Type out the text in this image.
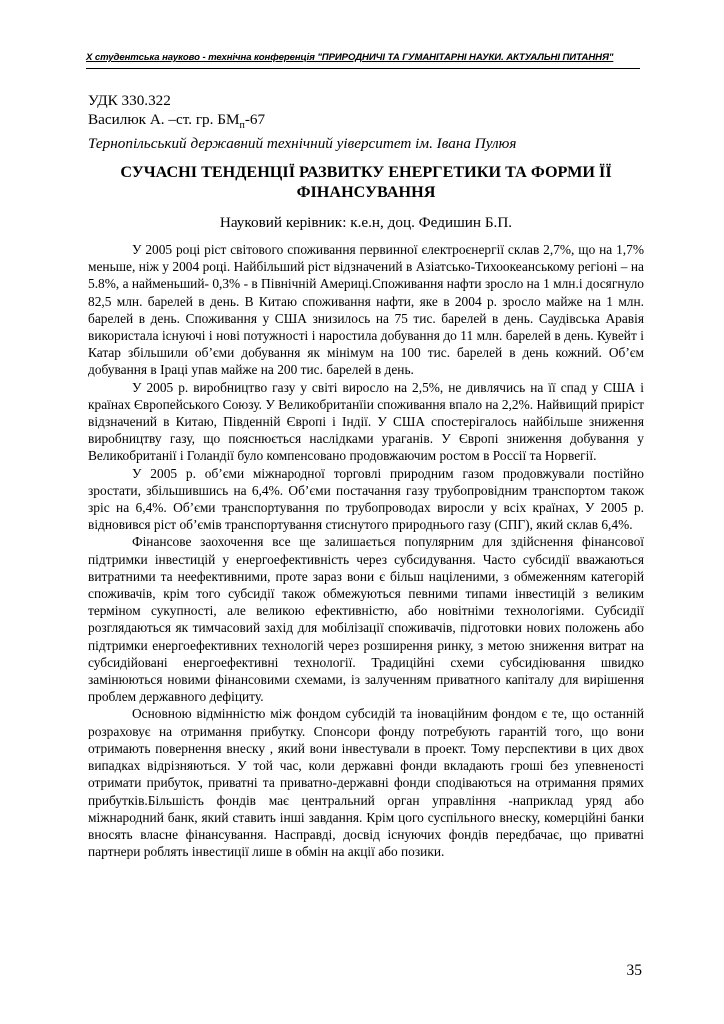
Х студентська науково - технічна конференція "ПРИРОДНИЧІ ТА ГУМАНІТАРНІ НАУКИ. АКТУАЛЬНІ ПИТАННЯ"
УДК 330.322
Василюк А. –ст. гр. $БМ_п-67$
Тернопільський державний технічний уіверситет ім. Івана Пулюя
СУЧАСНІ ТЕНДЕНЦІЇ РАЗВИТКУ ЕНЕРГЕТИКИ ТА ФОРМИ ЇЇ ФІНАНСУВАННЯ
Науковий керівник: к.е.н, доц. Федишин Б.П.

У 2005 році ріст світового споживання первинної єлектроєнергії склав 2,7%, що на 1,7% меньше, ніж у 2004 році. Найбільший ріст відзначений в Азіатсько-Тихоокеанському регіоні – на 5.8%, а найменьший- 0,3% - в Північній Америці.Споживання нафти зросло на 1 млн.і досягнуло 82,5 млн. барелей в день. В Китаю споживання нафти, яке в 2004 р. зросло майже на 1 млн. барелей в день. Споживання у США знизилось на 75 тис. барелей в день. Саудівська Аравія використала існуючі і нові потужності і наростила добування до 11 млн. барелей в день. Кувейт і Катар збільшили об’єми добування як мінімум на 100 тис. барелей в день кожний. Об’єм добування в Іраці упав майже на 200 тис. барелей в день.

У 2005 р. виробництво газу у світі виросло на 2,5%, не дивлячись на її спад у США і країнах Європейського Союзу. У Великобританїіи споживання впало на 2,2%. Найвищий приріст відзначений в Китаю, Південній Європі і Індії. У США спостерігалось найбільше зниження виробництву газу, що пояснюється наслідками ураганів. У Європі зниження добування у Великобританії і Голандії було компенсовано продовжаючим ростом в Россії та Норвегії.

У 2005 р. об’єми міжнародної торговлі природним газом продовжували постійно зростати, збільшившись на 6,4%. Об’єми постачання газу трубопровідним транспортом також зріс на 6,4%. Об’єми транспортування по трубопроводах виросли у всіх країнах, У 2005 р. відновився ріст об’ємів транспортування стиснутого природнього газу (СПГ), який склав 6,4%.

Фінансове заохочення все ще залишається популярним для здійснення фінансової підтримки інвестицій у енергоефективність через субсидування. Часто субсидії вважаються витратними та неефективними, проте зараз вони є більш націленими, з обмеженням категорій споживачів, крім того субсидії також обмежуються певними типами інвестицій з великим терміном сукупності, але великою ефективністю, або новітніми технологіями. Субсидії розглядаються як тимчасовий захід для мобілізації споживачів, підготовки нових положень або підтримки енергоефективних технологій через розширення ринку, з метою зниження витрат на субсидійовані енергоефективні технології. Традиційні схеми субсидіювання швидко замінюються новими фінансовими схемами, із залученням приватного капіталу для вирішення проблем державного дефіциту.

Основною відмінністю між фондом субсидій та іноваційним фондом є те, що останній розраховує на отримання прибутку. Спонсори фонду потребують гарантій того, що вони отримають повернення внеску , який вони інвестували в проект. Тому перспективи в цих двох випадках відрізняються. У той час, коли державні фонди вкладають гроші без упевненості отримати прибуток, приватні та приватно-державні фонди сподіваються на отримання прямих прибутків.Більшість фондів має центральний орган управління -наприклад уряд або міжнародний банк, який ставить інші завдання. Крім цого суспільного внеску, комерційні банки вносять власне фінансування. Насправді, досвід існуючих фондів передбачає, що приватні партнери роблять інвестиції лише в обмін на акції або позики.

35
